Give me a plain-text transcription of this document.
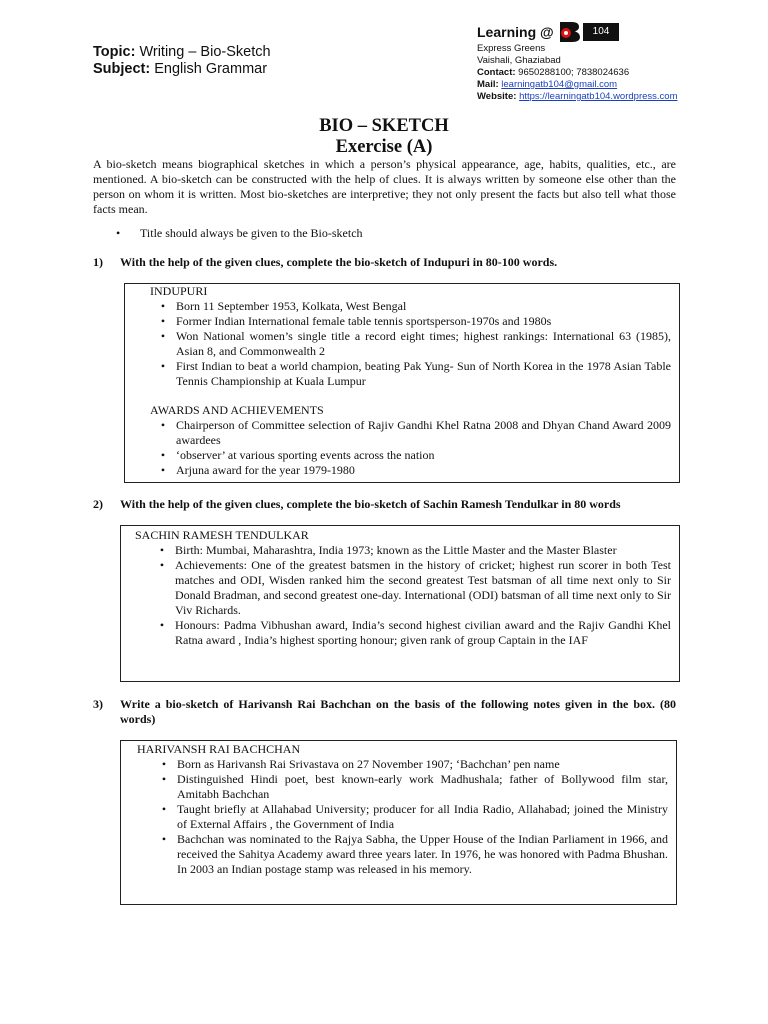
Topic: Writing – Bio-Sketch
Subject: English Grammar
Learning @	104
Express Greens
Vaishali, Ghaziabad
Contact: 9650288100; 7838024636
Mail: learningatb104@gmail.com
Website: https://learningatb104.wordpress.com
BIO – SKETCH
Exercise (A)
A bio-sketch means biographical sketches in which a person’s physical appearance, age, habits, qualities, etc., are mentioned. A bio-sketch can be constructed with the help of clues. It is always written by someone else other than the person on whom it is written. Most bio-sketches are interpretive; they not only present the facts but also tell what those facts mean.
• Title should always be given to the Bio-sketch
1)	With the help of the given clues, complete the bio-sketch of Indupuri in 80-100 words.
INDUPURI
• Born 11 September 1953, Kolkata, West Bengal
• Former Indian International female table tennis sportsperson-1970s and 1980s
• Won National women’s single title a record eight times; highest rankings: International 63 (1985), Asian 8, and Commonwealth 2
• First Indian to beat a world champion, beating Pak Yung- Sun of North Korea in the 1978 Asian Table Tennis Championship at Kuala Lumpur
AWARDS AND ACHIEVEMENTS
• Chairperson of Committee selection of Rajiv Gandhi Khel Ratna 2008 and Dhyan Chand Award 2009 awardees
• ‘observer’ at various sporting events across the nation
• Arjuna award for the year 1979-1980
2)	With the help of the given clues, complete the bio-sketch of Sachin Ramesh Tendulkar in 80 words
SACHIN RAMESH TENDULKAR
• Birth: Mumbai, Maharashtra, India 1973; known as the Little Master and the Master Blaster
• Achievements: One of the greatest batsmen in the history of cricket; highest run scorer in both Test matches and ODI, Wisden ranked him the second greatest Test batsman of all time next only to Sir Donald Bradman, and second greatest one-day. International (ODI) batsman of all time next only to Sir Viv Richards.
• Honours: Padma Vibhushan award, India’s second highest civilian award and the Rajiv Gandhi Khel Ratna award , India’s highest sporting honour; given rank of group Captain in the IAF
3)	Write a bio-sketch of Harivansh Rai Bachchan on the basis of the following notes given in the box. (80 words)
HARIVANSH RAI BACHCHAN
• Born as Harivansh Rai Srivastava on 27 November 1907; ‘Bachchan’ pen name
• Distinguished Hindi poet, best known-early work Madhushala; father of Bollywood film star, Amitabh Bachchan
• Taught briefly at Allahabad University; producer for all India Radio, Allahabad; joined the Ministry of External Affairs , the Government of India
• Bachchan was nominated to the Rajya Sabha, the Upper House of the Indian Parliament in 1966, and received the Sahitya Academy award three years later. In 1976, he was honored with Padma Bhushan. In 2003 an Indian postage stamp was released in his memory.
